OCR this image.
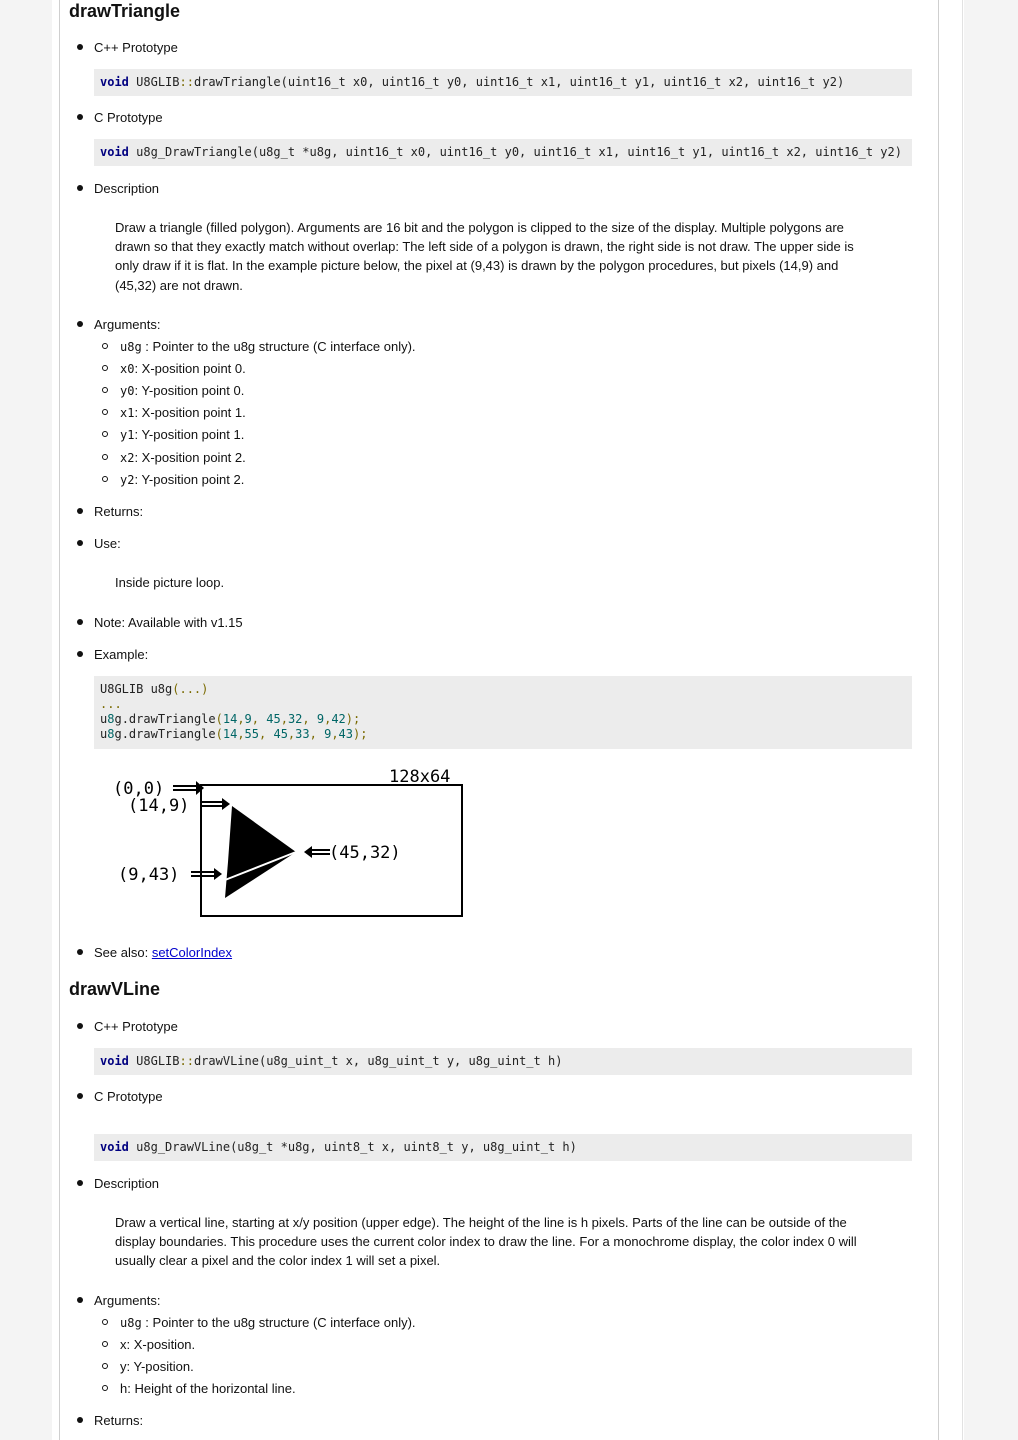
drawTriangle
C++ Prototype
void U8GLIB::drawTriangle(uint16_t x0, uint16_t y0, uint16_t x1, uint16_t y1, uint16_t x2, uint16_t y2)
C Prototype
void u8g_DrawTriangle(u8g_t *u8g, uint16_t x0, uint16_t y0, uint16_t x1, uint16_t y1, uint16_t x2, uint16_t y2)
Description
Draw a triangle (filled polygon). Arguments are 16 bit and the polygon is clipped to the size of the display. Multiple polygons are
drawn so that they exactly match without overlap: The left side of a polygon is drawn, the right side is not draw. The upper side is
only draw if it is flat. In the example picture below, the pixel at (9,43) is drawn by the polygon procedures, but pixels (14,9) and
(45,32) are not drawn.
Arguments:
u8g : Pointer to the u8g structure (C interface only).
x0: X-position point 0.
y0: Y-position point 0.
x1: X-position point 1.
y1: Y-position point 1.
x2: X-position point 2.
y2: Y-position point 2.
Returns:
Use:
Inside picture loop.
Note: Available with v1.15
Example:
U8GLIB u8g(...)
...
u8g.drawTriangle(14,9, 45,32, 9,42);
u8g.drawTriangle(14,55, 45,33, 9,43);
128x64
(0,0)
(14,9)
(45,32)
(9,43)
See also: setColorIndex
drawVLine
C++ Prototype
void U8GLIB::drawVLine(u8g_uint_t x, u8g_uint_t y, u8g_uint_t h)
C Prototype
void u8g_DrawVLine(u8g_t *u8g, uint8_t x, uint8_t y, u8g_uint_t h)
Description
Draw a vertical line, starting at x/y position (upper edge). The height of the line is h pixels. Parts of the line can be outside of the
display boundaries. This procedure uses the current color index to draw the line. For a monochrome display, the color index 0 will
usually clear a pixel and the color index 1 will set a pixel.
Arguments:
u8g : Pointer to the u8g structure (C interface only).
x: X-position.
y: Y-position.
h: Height of the horizontal line.
Returns:
